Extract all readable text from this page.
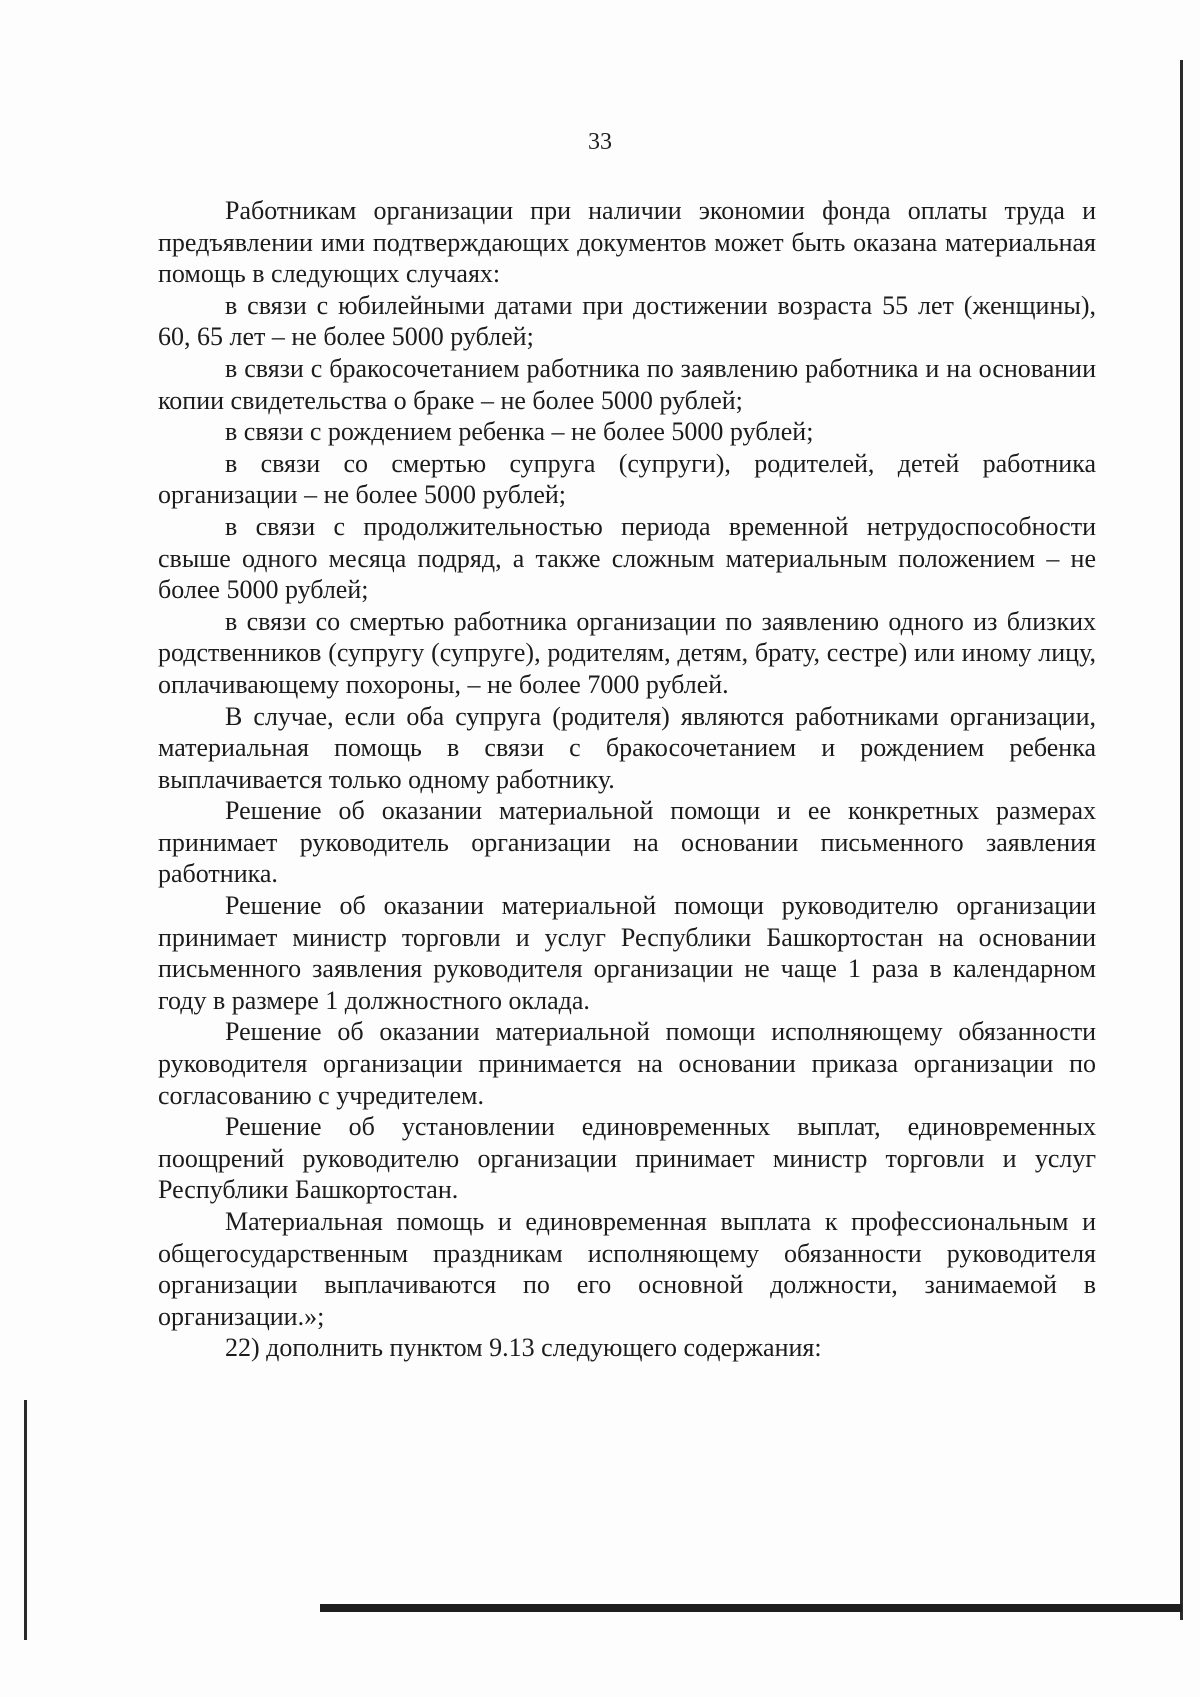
33

Работникам организации при наличии экономии фонда оплаты труда и предъявлении ими подтверждающих документов может быть оказана материальная помощь в следующих случаях:

в связи с юбилейными датами при достижении возраста 55 лет (женщины), 60, 65 лет – не более 5000 рублей;

в связи с бракосочетанием работника по заявлению работника и на основании копии свидетельства о браке – не более 5000 рублей;

в связи с рождением ребенка – не более 5000 рублей;

в связи со смертью супруга (супруги), родителей, детей работника организации – не более 5000 рублей;

в связи с продолжительностью периода временной нетрудоспособности свыше одного месяца подряд, а также сложным материальным положением – не более 5000 рублей;

в связи со смертью работника организации по заявлению одного из близких родственников (супругу (супруге), родителям, детям, брату, сестре) или иному лицу, оплачивающему похороны, – не более 7000 рублей.

В случае, если оба супруга (родителя) являются работниками организации, материальная помощь в связи с бракосочетанием и рождением ребенка выплачивается только одному работнику.

Решение об оказании материальной помощи и ее конкретных размерах принимает руководитель организации на основании письменного заявления работника.

Решение об оказании материальной помощи руководителю организации принимает министр торговли и услуг Республики Башкортостан на основании письменного заявления руководителя организации не чаще 1 раза в календарном году в размере 1 должностного оклада.

Решение об оказании материальной помощи исполняющему обязанности руководителя организации принимается на основании приказа организации по согласованию с учредителем.

Решение об установлении единовременных выплат, единовременных поощрений руководителю организации принимает министр торговли и услуг Республики Башкортостан.

Материальная помощь и единовременная выплата к профессиональным и общегосударственным праздникам исполняющему обязанности руководителя организации выплачиваются по его основной должности, занимаемой в организации.»;

22) дополнить пунктом 9.13 следующего содержания:
